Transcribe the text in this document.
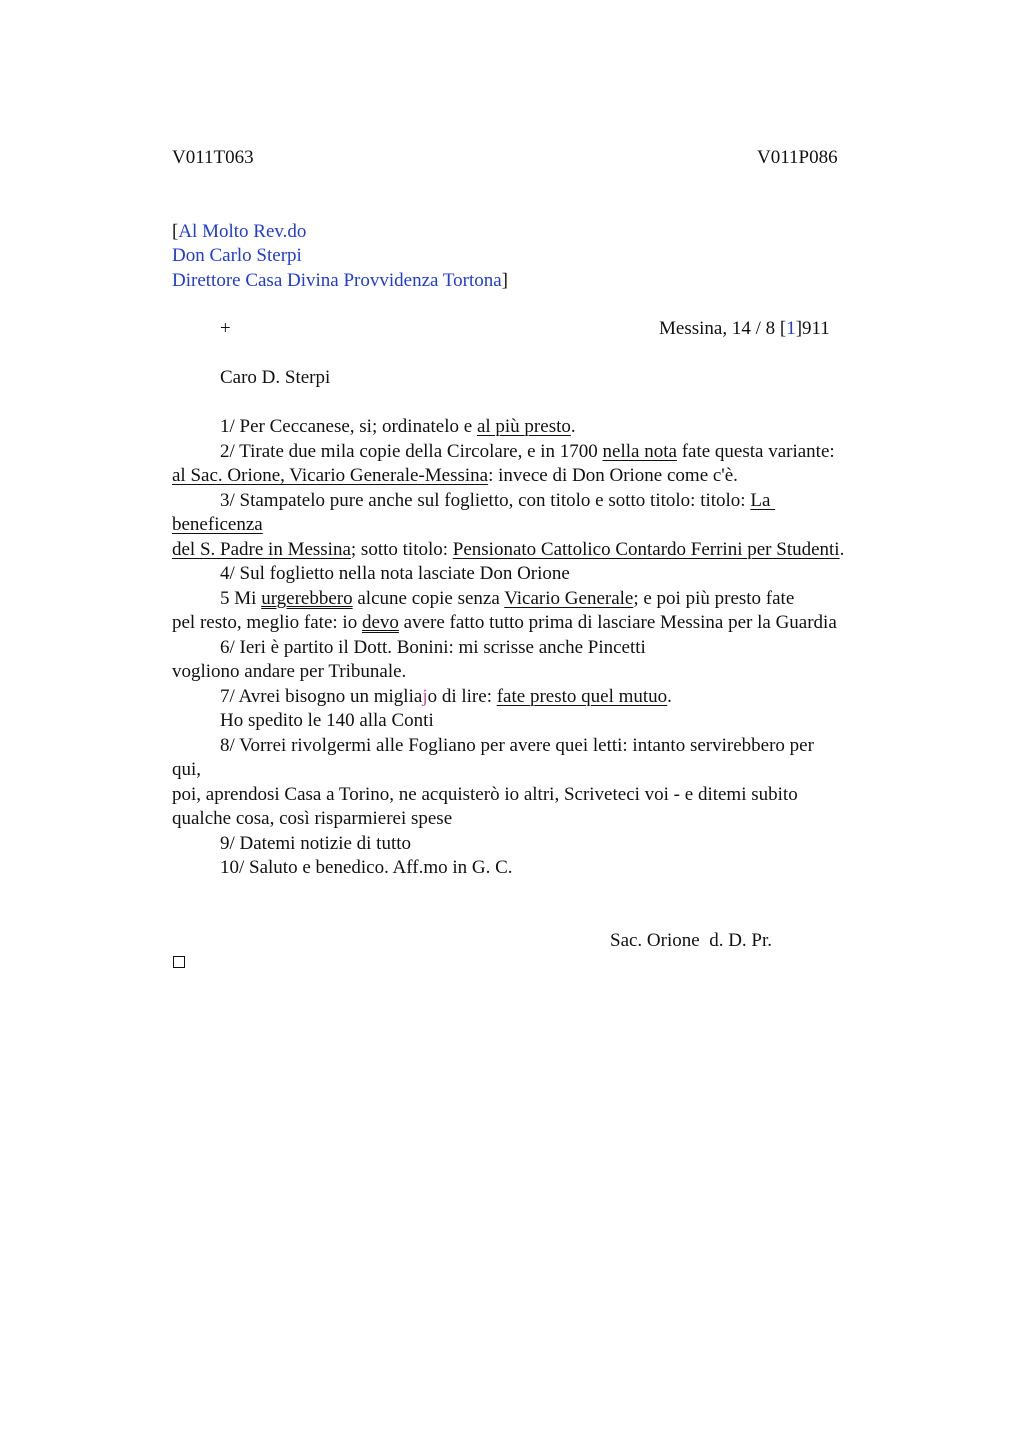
V011T063	V011P086
[Al Molto Rev.do
Don Carlo Sterpi
Direttore Casa Divina Provvidenza Tortona]
+	Messina, 14 / 8 [1]911
Caro D. Sterpi
1/ Per Ceccanese, si; ordinatelo e al più presto.
2/ Tirate due mila copie della Circolare, e in 1700 nella nota fate questa variante:
al Sac. Orione, Vicario Generale-Messina: invece di Don Orione come c'è.
3/ Stampatelo pure anche sul foglietto, con titolo e sotto titolo: titolo: La
beneficenza
del S. Padre in Messina; sotto titolo: Pensionato Cattolico Contardo Ferrini per Studenti.
4/ Sul foglietto nella nota lasciate Don Orione
5 Mi urgerebbero alcune copie senza Vicario Generale; e poi più presto fate
pel resto, meglio fate: io devo avere fatto tutto prima di lasciare Messina per la Guardia
6/ Ieri è partito il Dott. Bonini: mi scrisse anche Pincetti
vogliono andare per Tribunale.
7/ Avrei bisogno un migliajo di lire: fate presto quel mutuo.
Ho spedito le 140 alla Conti
8/ Vorrei rivolgermi alle Fogliano per avere quei letti: intanto servirebbero per
qui,
poi, aprendosi Casa a Torino, ne acquisterò io altri, Scriveteci voi - e ditemi subito
qualche cosa, così risparmierei spese
9/ Datemi notizie di tutto
10/ Saluto e benedico. Aff.mo in G. C.
Sac. Orione  d. D. Pr.
